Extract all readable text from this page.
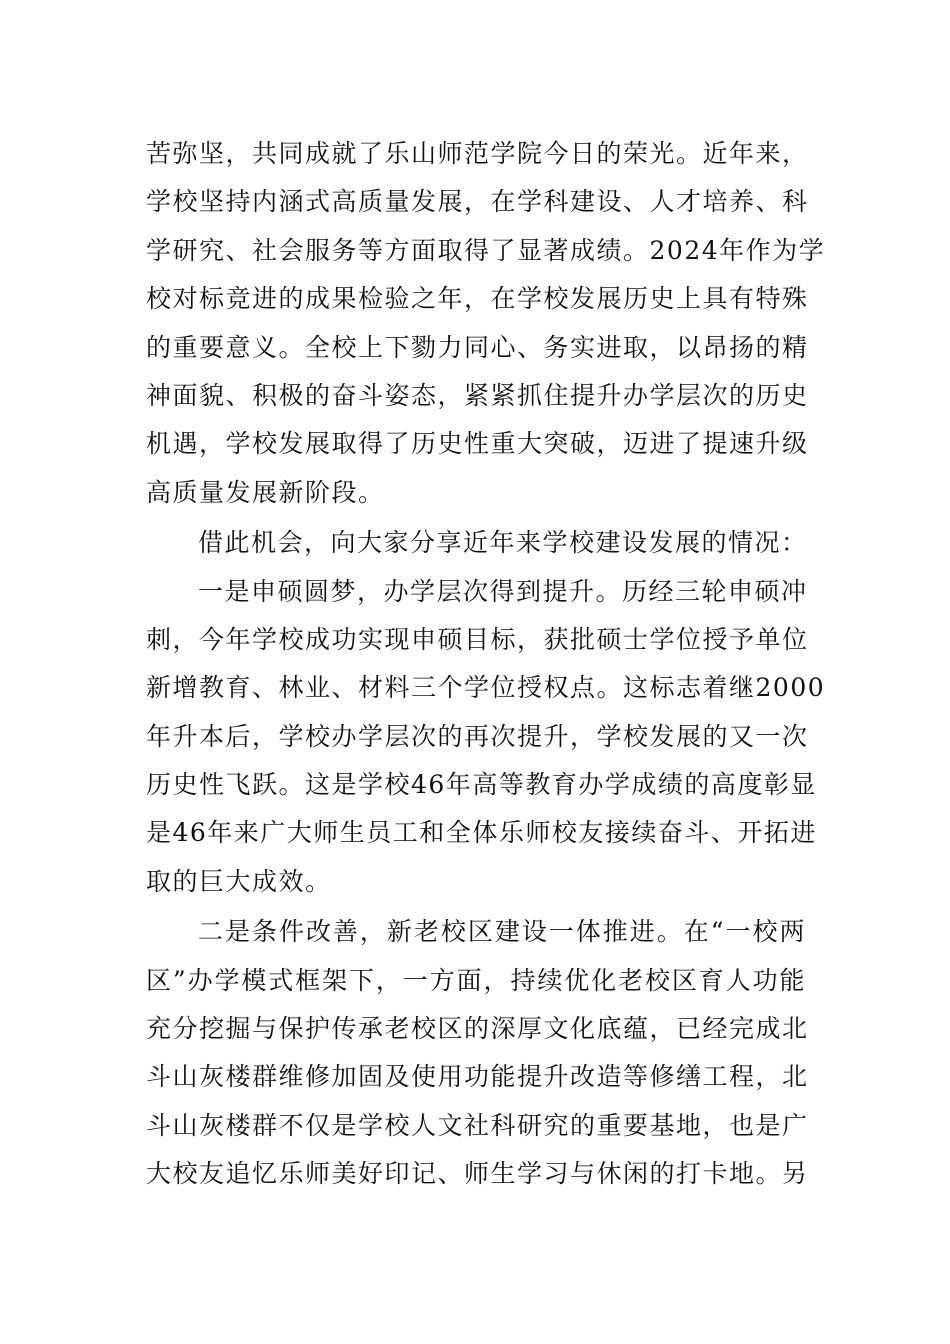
苦弥坚，共同成就了乐山师范学院今日的荣光。近年来，
学校坚持内涵式高质量发展，在学科建设、人才培养、科
学研究、社会服务等方面取得了显著成绩。2024年作为学
校对标竞进的成果检验之年，在学校发展历史上具有特殊
的重要意义。全校上下勠力同心、务实进取，以昂扬的精
神面貌、积极的奋斗姿态，紧紧抓住提升办学层次的历史
机遇，学校发展取得了历史性重大突破，迈进了提速升级
高质量发展新阶段。
借此机会，向大家分享近年来学校建设发展的情况：
一是申硕圆梦，办学层次得到提升。历经三轮申硕冲
刺，今年学校成功实现申硕目标，获批硕士学位授予单位
新增教育、林业、材料三个学位授权点。这标志着继2000
年升本后，学校办学层次的再次提升，学校发展的又一次
历史性飞跃。这是学校46年高等教育办学成绩的高度彰显
是46年来广大师生员工和全体乐师校友接续奋斗、开拓进
取的巨大成效。
二是条件改善，新老校区建设一体推进。在“一校两
区”办学模式框架下，一方面，持续优化老校区育人功能
充分挖掘与保护传承老校区的深厚文化底蕴，已经完成北
斗山灰楼群维修加固及使用功能提升改造等修缮工程，北
斗山灰楼群不仅是学校人文社科研究的重要基地，也是广
大校友追忆乐师美好印记、师生学习与休闲的打卡地。另
